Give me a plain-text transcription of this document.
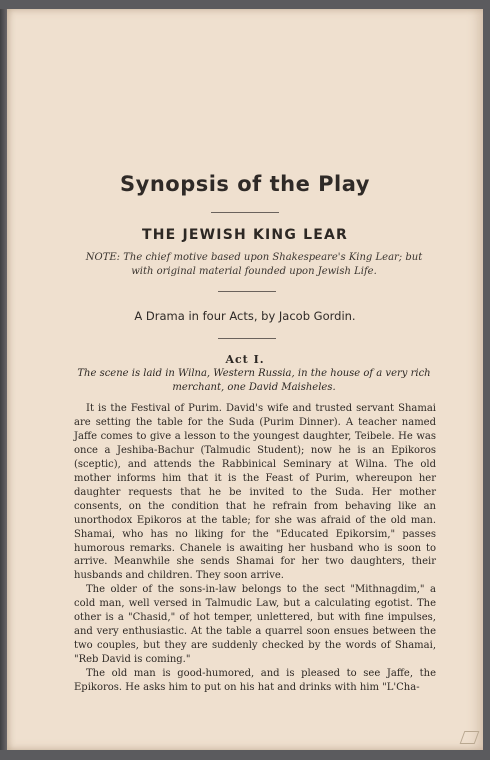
Synopsis of the Play
THE JEWISH KING LEAR
NOTE: The chief motive based upon Shakespeare's King Lear; but
with original material founded upon Jewish Life.
A Drama in four Acts, by Jacob Gordin.
Act I.
The scene is laid in Wilna, Western Russia, in the house of a very rich
merchant, one David Maisheles.

It is the Festival of Purim. David's wife and trusted servant Shamai are setting the table for the Suda (Purim Dinner). A teacher named Jaffe comes to give a lesson to the youngest daughter, Teibele. He was once a Jeshiba-Bachur (Talmudic Student); now he is an Epikoros (sceptic), and attends the Rabbinical Seminary at Wilna. The old mother informs him that it is the Feast of Purim, whereupon her daughter requests that he be invited to the Suda. Her mother consents, on the condition that he refrain from behaving like an unorthodox Epikoros at the table; for she was afraid of the old man. Shamai, who has no liking for the "Educated Epikorsim," passes humorous remarks. Chanele is awaiting her husband who is soon to arrive. Meanwhile she sends Shamai for her two daughters, their husbands and children. They soon arrive.

The older of the sons-in-law belongs to the sect "Mithnagdim," a cold man, well versed in Talmudic Law, but a calculating egotist. The other is a "Chasid," of hot temper, unlettered, but with fine impulses, and very enthusiastic. At the table a quarrel soon ensues between the two couples, but they are suddenly checked by the words of Shamai, "Reb David is coming."

The old man is good-humored, and is pleased to see Jaffe, the Epikoros. He asks him to put on his hat and drinks with him "L'Cha-
